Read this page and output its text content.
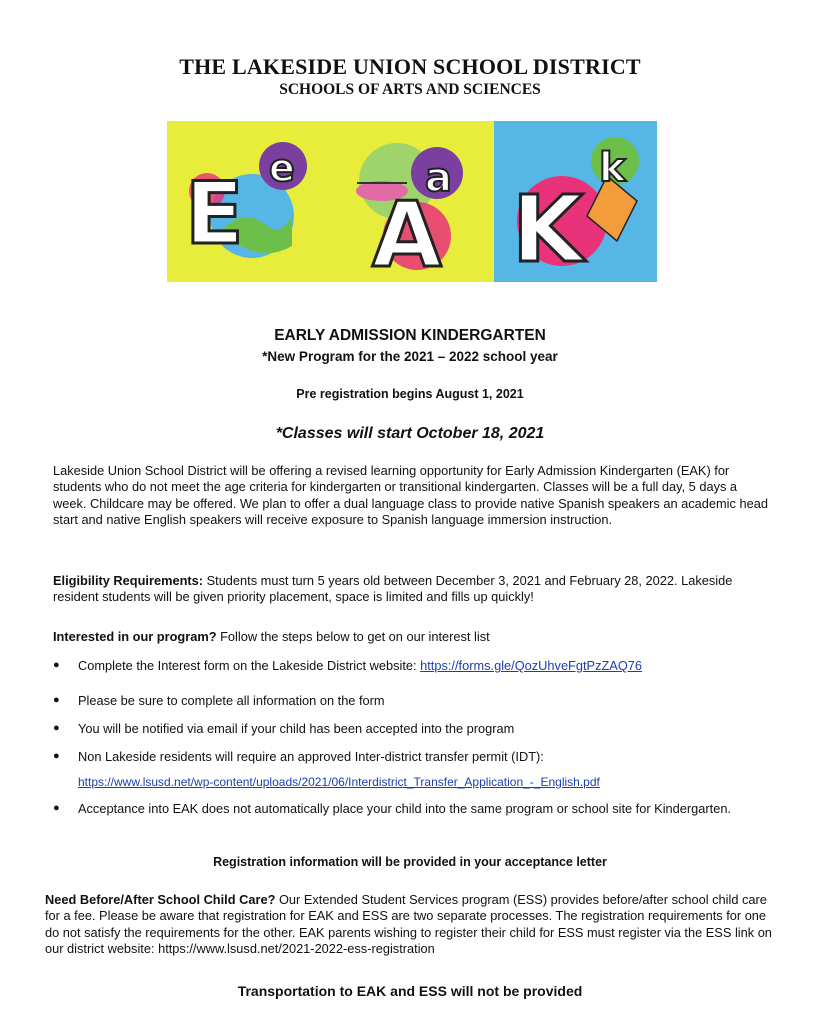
THE LAKESIDE UNION SCHOOL DISTRICT
SCHOOLS OF ARTS AND SCIENCES
E e
A
a K
k
EARLY ADMISSION KINDERGARTEN
*New Program for the 2021 – 2022 school year
Pre registration begins August 1, 2021
*Classes will start October 18, 2021
Lakeside Union School District will be offering a revised learning opportunity for Early Admission Kindergarten (EAK) for students who do not meet the age criteria for kindergarten or transitional kindergarten. Classes will be a full day, 5 days a week. Childcare may be offered. We plan to offer a dual language class to provide native Spanish speakers an academic head start and native English speakers will receive exposure to Spanish language immersion instruction.
Eligibility Requirements: Students must turn 5 years old between December 3, 2021 and February 28, 2022. Lakeside resident students will be given priority placement, space is limited and fills up quickly!
Interested in our program? Follow the steps below to get on our interest list
● Complete the Interest form on the Lakeside District website: https://forms.gle/QozUhveFgtPzZAQ76
● Please be sure to complete all information on the form
● You will be notified via email if your child has been accepted into the program
● Non Lakeside residents will require an approved Inter-district transfer permit (IDT):
https://www.lsusd.net/wp-content/uploads/2021/06/Interdistrict_Transfer_Application_-_English.pdf
● Acceptance into EAK does not automatically place your child into the same program or school site for Kindergarten.
Registration information will be provided in your acceptance letter
Need Before/After School Child Care? Our Extended Student Services program (ESS) provides before/after school child care for a fee. Please be aware that registration for EAK and ESS are two separate processes. The registration requirements for one do not satisfy the requirements for the other. EAK parents wishing to register their child for ESS must register via the ESS link on our district website: https://www.lsusd.net/2021-2022-ess-registration
Transportation to EAK and ESS will not be provided
